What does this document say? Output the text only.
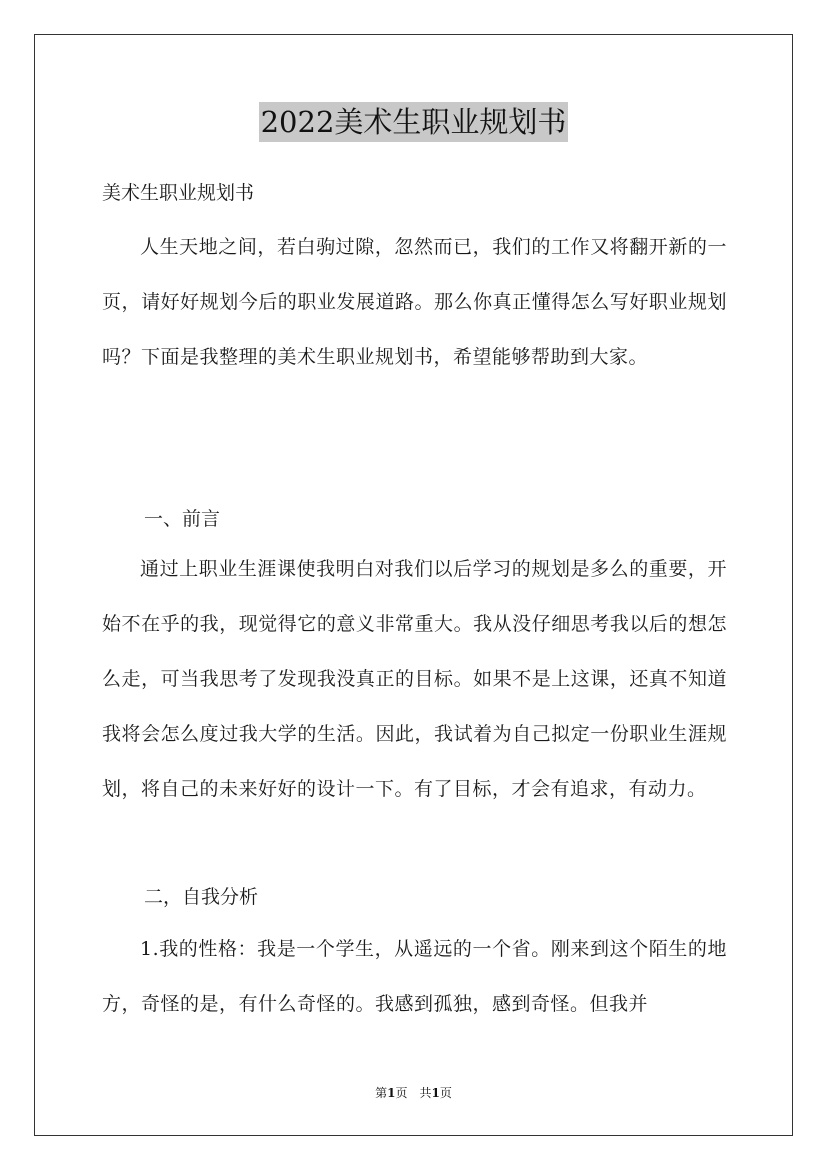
2022美术生职业规划书
美术生职业规划书
人生天地之间，若白驹过隙，忽然而已，我们的工作又将翻开新的一页，请好好规划今后的职业发展道路。那么你真正懂得怎么写好职业规划吗？下面是我整理的美术生职业规划书，希望能够帮助到大家。
一、前言
通过上职业生涯课使我明白对我们以后学习的规划是多么的重要，开始不在乎的我，现觉得它的意义非常重大。我从没仔细思考我以后的想怎么走，可当我思考了发现我没真正的目标。如果不是上这课，还真不知道我将会怎么度过我大学的生活。因此，我试着为自己拟定一份职业生涯规划，将自己的未来好好的设计一下。有了目标，才会有追求，有动力。
二，自我分析
1.我的性格：我是一个学生，从遥远的一个省。刚来到这个陌生的地方，奇怪的是，有什么奇怪的。我感到孤独，感到奇怪。但我并
第1页　共1页
